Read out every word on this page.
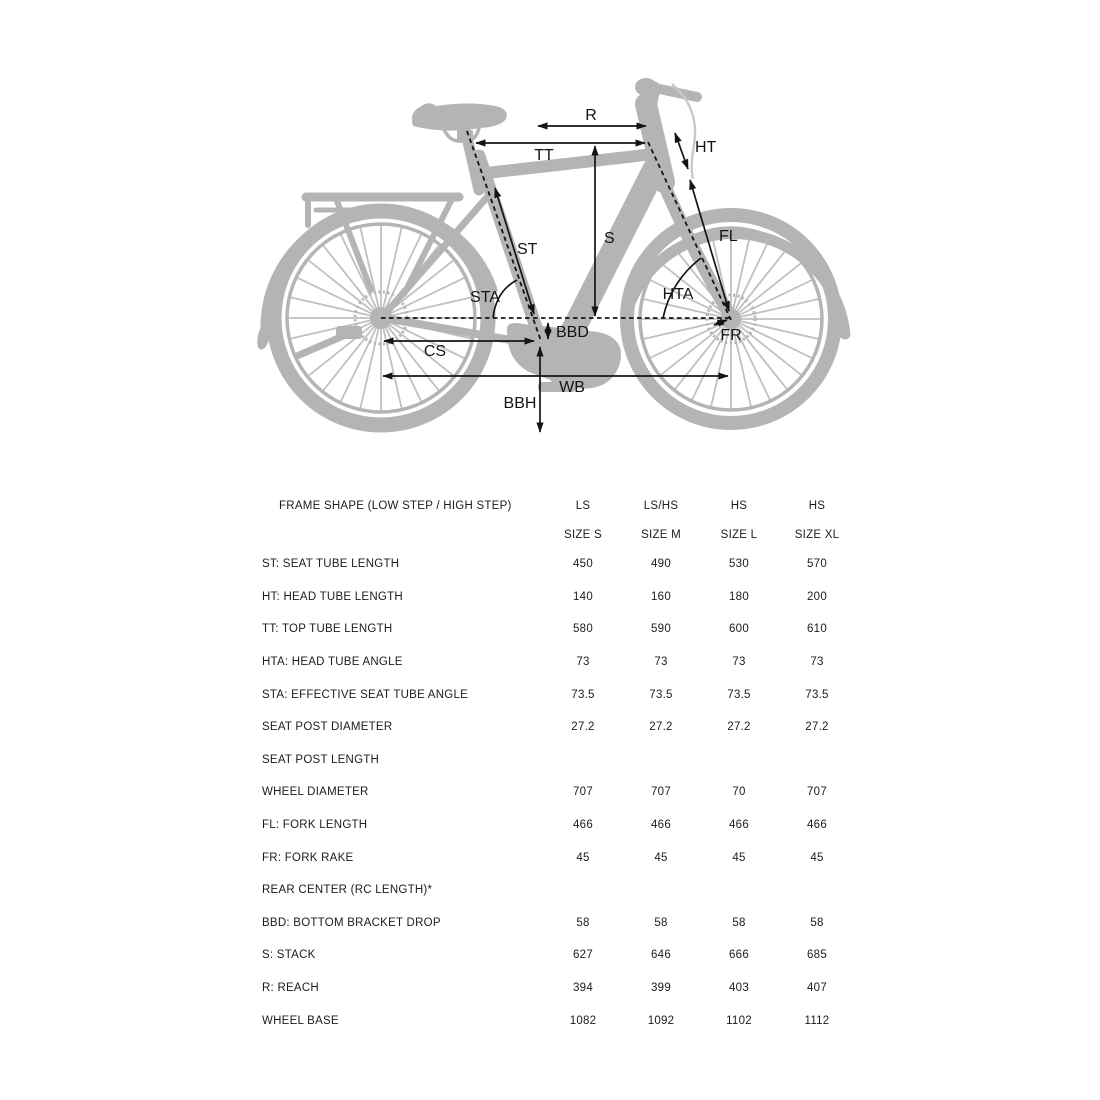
R
TT
S
ST
HT
FL
STA	HTA
FR
BBD
CS
WB
BBH
FRAME SHAPE (LOW STEP / HIGH STEP)	LS	LS/HS	HS	HS
SIZE S	SIZE M	SIZE L	SIZE XL
ST: SEAT TUBE LENGTH	450	490	530	570
HT: HEAD TUBE LENGTH	140	160	180	200
TT: TOP TUBE LENGTH	580	590	600	610
HTA: HEAD TUBE ANGLE	73	73	73	73
STA: EFFECTIVE SEAT TUBE ANGLE	73.5	73.5	73.5	73.5
SEAT POST DIAMETER	27.2	27.2	27.2	27.2
SEAT POST LENGTH
WHEEL DIAMETER	707	707	70	707
FL: FORK LENGTH	466	466	466	466
FR: FORK RAKE	45	45	45	45
REAR CENTER (RC LENGTH)*
BBD: BOTTOM BRACKET DROP	58	58	58	58
S: STACK	627	646	666	685
R: REACH	394	399	403	407
WHEEL BASE	1082	1092	1102	1112
